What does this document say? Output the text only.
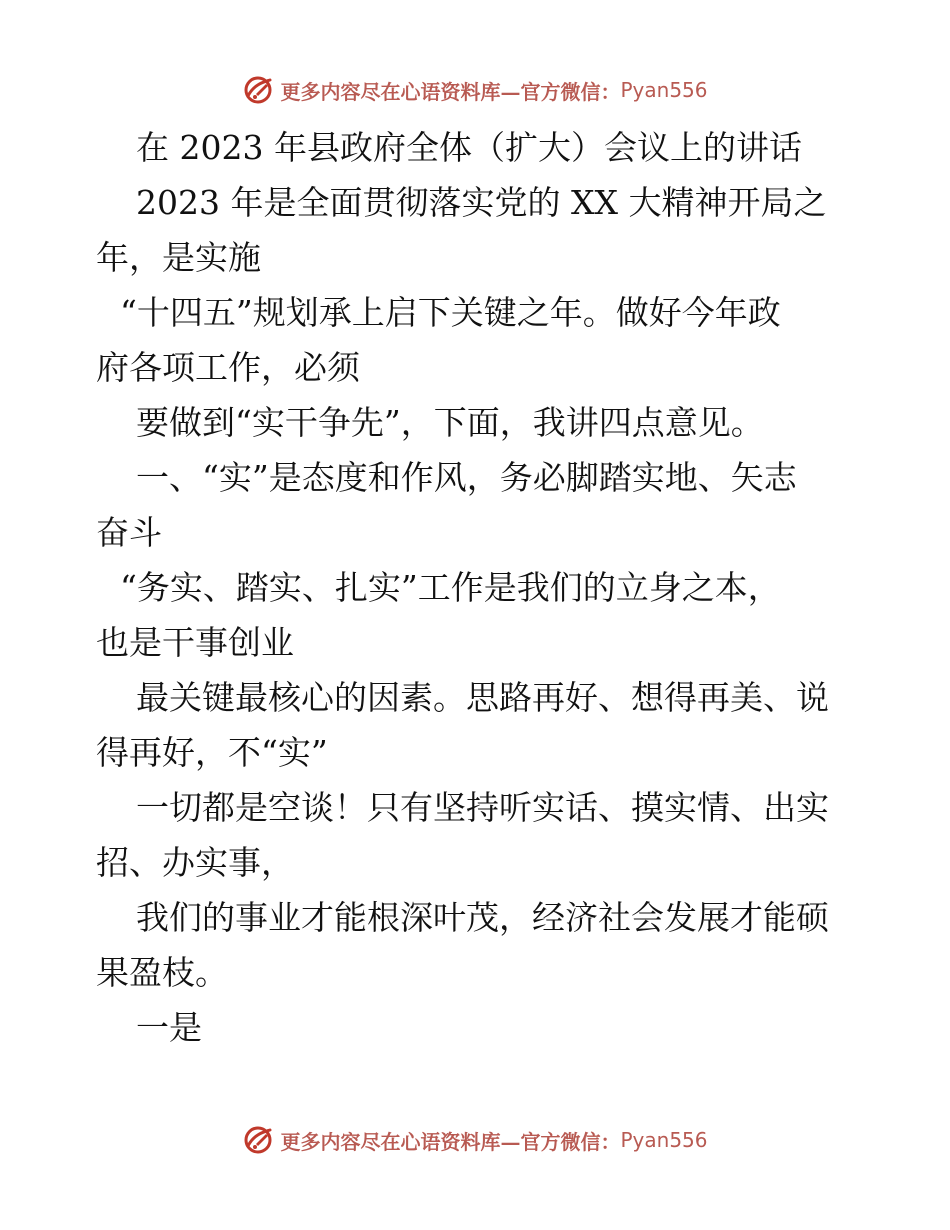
更多内容尽在心语资料库—官方微信： Pyan556
在 2023 年县政府全体（扩大）会议上的讲话
2023 年是全面贯彻落实党的 XX 大精神开局之
年，是实施
“十四五”规划承上启下关键之年。做好今年政
府各项工作，必须
要做到“实干争先”，下面，我讲四点意见。
一、“实”是态度和作风，务必脚踏实地、矢志
奋斗
“务实、踏实、扎实”工作是我们的立身之本，
也是干事创业
最关键最核心的因素。思路再好、想得再美、说
得再好，不“实”
一切都是空谈！只有坚持听实话、摸实情、出实
招、办实事，
我们的事业才能根深叶茂，经济社会发展才能硕
果盈枝。
一是
更多内容尽在心语资料库—官方微信： Pyan556
